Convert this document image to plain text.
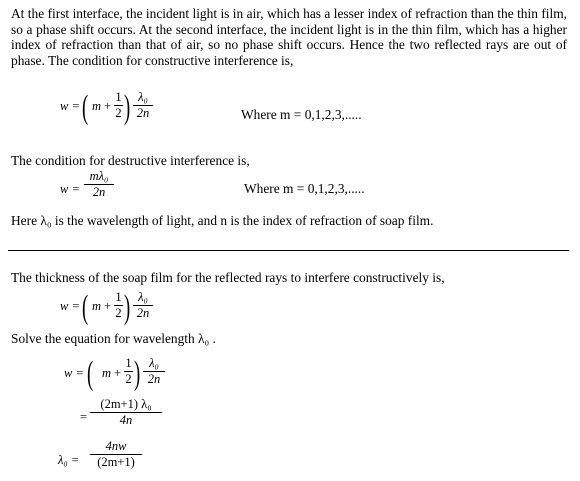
At the first interface, the incident light is in air, which has a lesser index of refraction than the thin film, so a phase shift occurs. At the second interface, the incident light is in the thin film, which has a higher index of refraction than that of air, so no phase shift occurs. Hence the two reflected rays are out of phase. The condition for constructive interference is,
w = ( m +
1
2 ) λ₀
2n	Where m = 0,1,2,3,.....
The condition for destructive interference is,
w =
mλ₀
2n	Where m = 0,1,2,3,.....
Here λ₀ is the wavelength of light, and n is the index of refraction of soap film.
The thickness of the soap film for the reflected rays to interfere constructively is,
w = ( m +
1
2 ) λ₀
2n
Solve the equation for wavelength λ₀ .
w = ( m +
1
2 ) λ₀
2n
=
(2m+1) λ₀
4n
λ₀ =
4nw
(2m+1)
